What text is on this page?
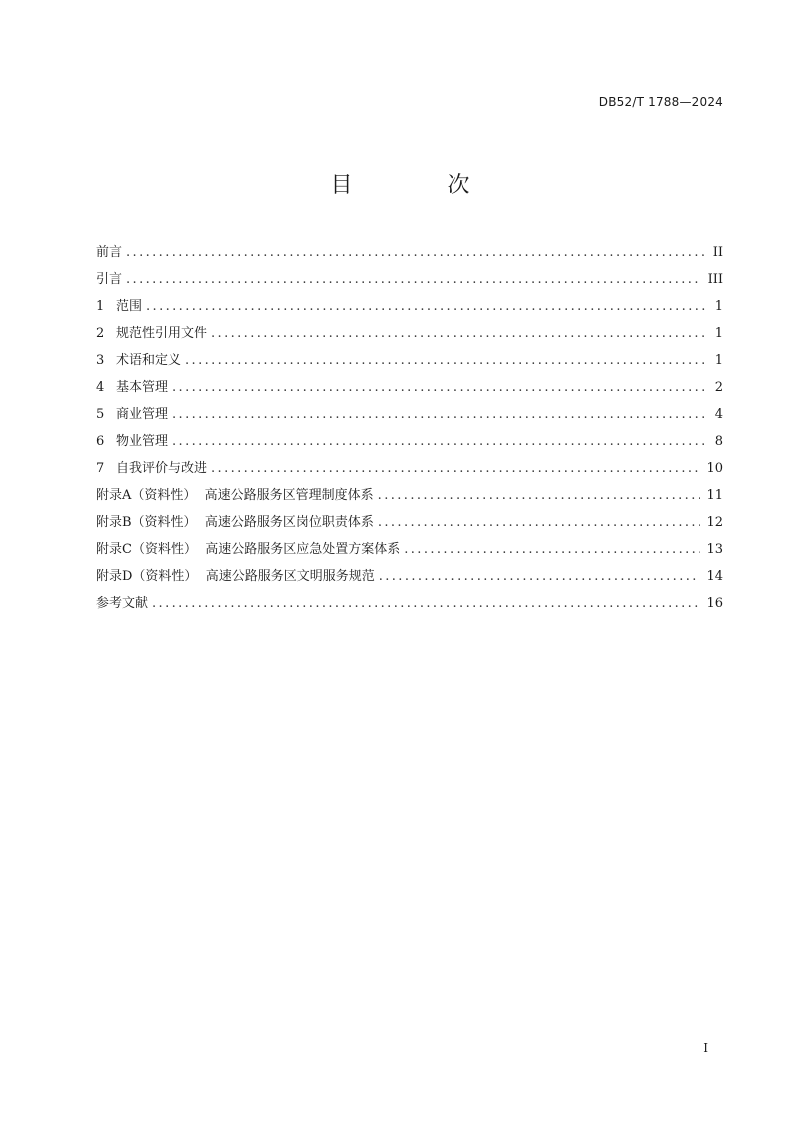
DB52/T 1788—2024
目 次
前言 .....	II
引言 .....	III
1 范围 .....	1
2 规范性引用文件 .....	1
3 术语和定义 .....	1
4 基本管理 .....	2
5 商业管理 .....	4
6 物业管理 .....	8
7 自我评价与改进 .....	10
附录A（资料性）  高速公路服务区管理制度体系 .....	11
附录B（资料性）  高速公路服务区岗位职责体系 .....	12
附录C（资料性）  高速公路服务区应急处置方案体系 .....	13
附录D（资料性）  高速公路服务区文明服务规范 .....	14
参考文献 .....	16
I
